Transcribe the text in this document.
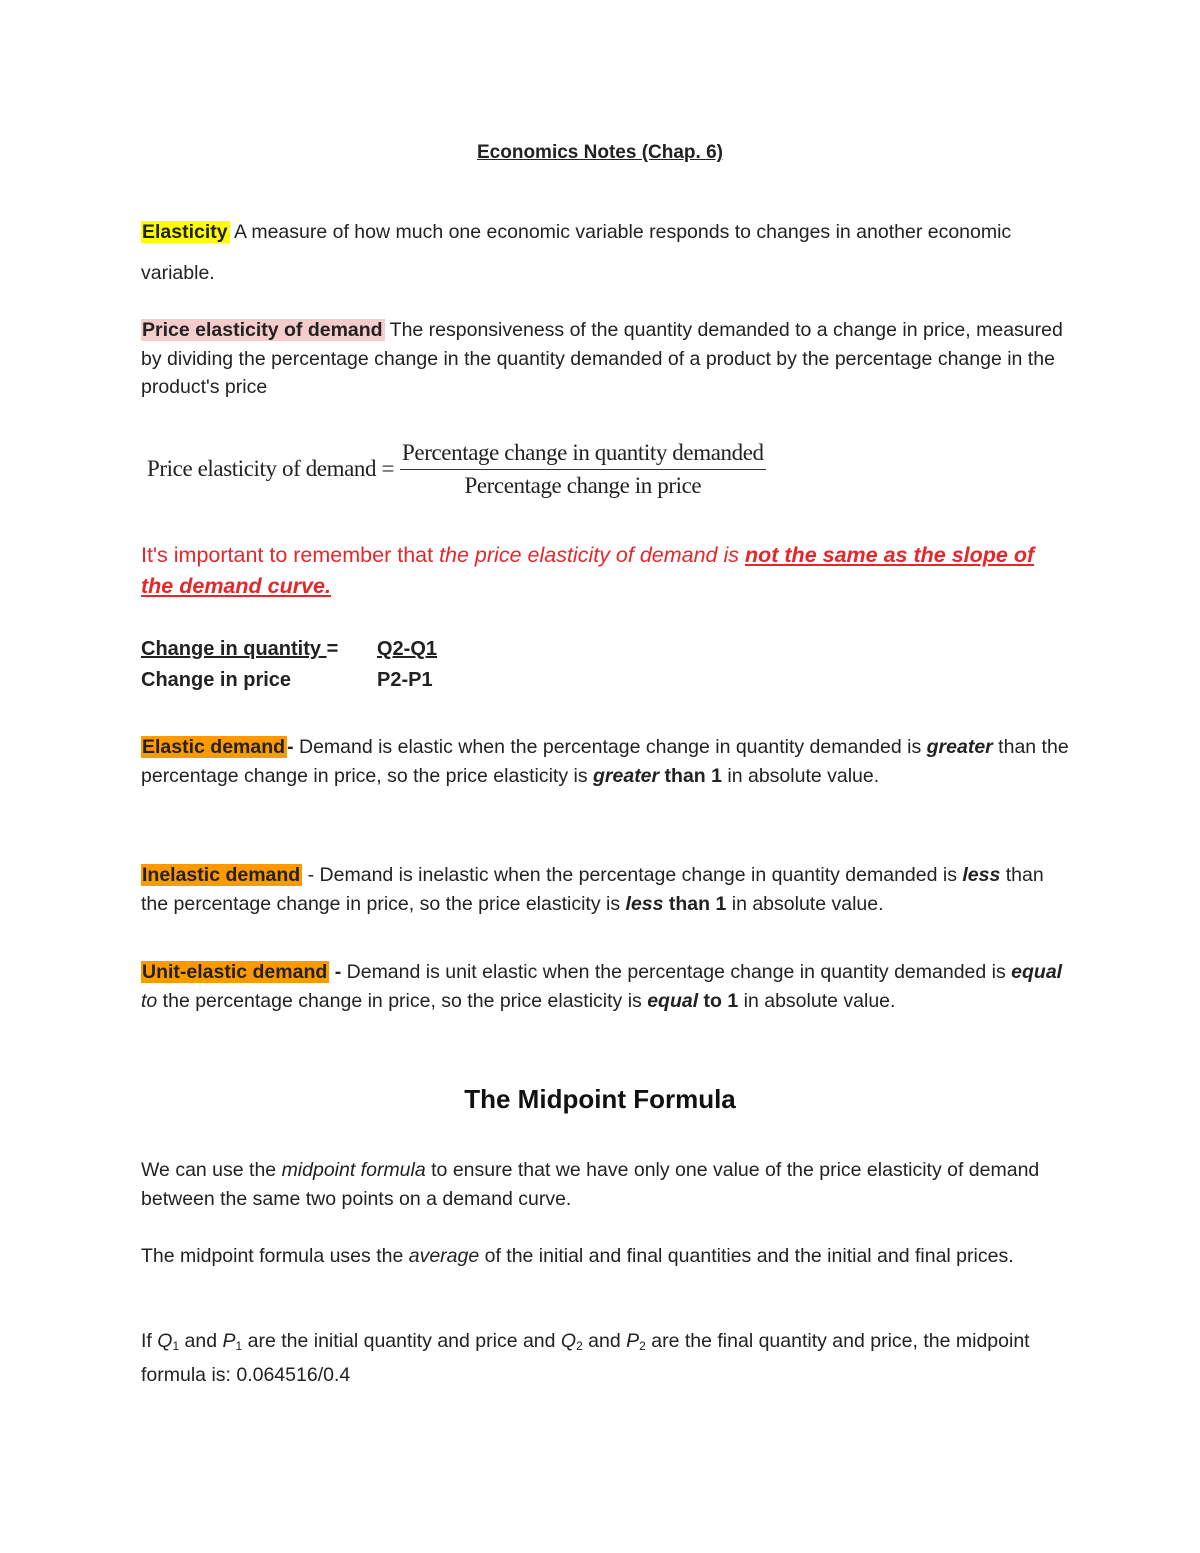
Economics Notes (Chap. 6)
Elasticity A measure of how much one economic variable responds to changes in another economic variable.
Price elasticity of demand The responsiveness of the quantity demanded to a change in price, measured by dividing the percentage change in the quantity demanded of a product by the percentage change in the product's price
Price elasticity of demand = $\frac{\text{Percentage change in quantity demanded}}{\text{Percentage change in price}}$
It's important to remember that the price elasticity of demand is not the same as the slope of the demand curve.
Change in quantity =	Q2-Q1
Change in price	P2-P1
Elastic demand - Demand is elastic when the percentage change in quantity demanded is greater than the percentage change in price, so the price elasticity is greater than 1 in absolute value.
Inelastic demand - Demand is inelastic when the percentage change in quantity demanded is less than the percentage change in price, so the price elasticity is less than 1 in absolute value.
Unit-elastic demand - Demand is unit elastic when the percentage change in quantity demanded is equal to the percentage change in price, so the price elasticity is equal to 1 in absolute value.
The Midpoint Formula
We can use the midpoint formula to ensure that we have only one value of the price elasticity of demand between the same two points on a demand curve.
The midpoint formula uses the average of the initial and final quantities and the initial and final prices.
If $Q_1$ and $P_1$ are the initial quantity and price and $Q_2$ and $P_2$ are the final quantity and price, the midpoint formula is: 0.064516/0.4
